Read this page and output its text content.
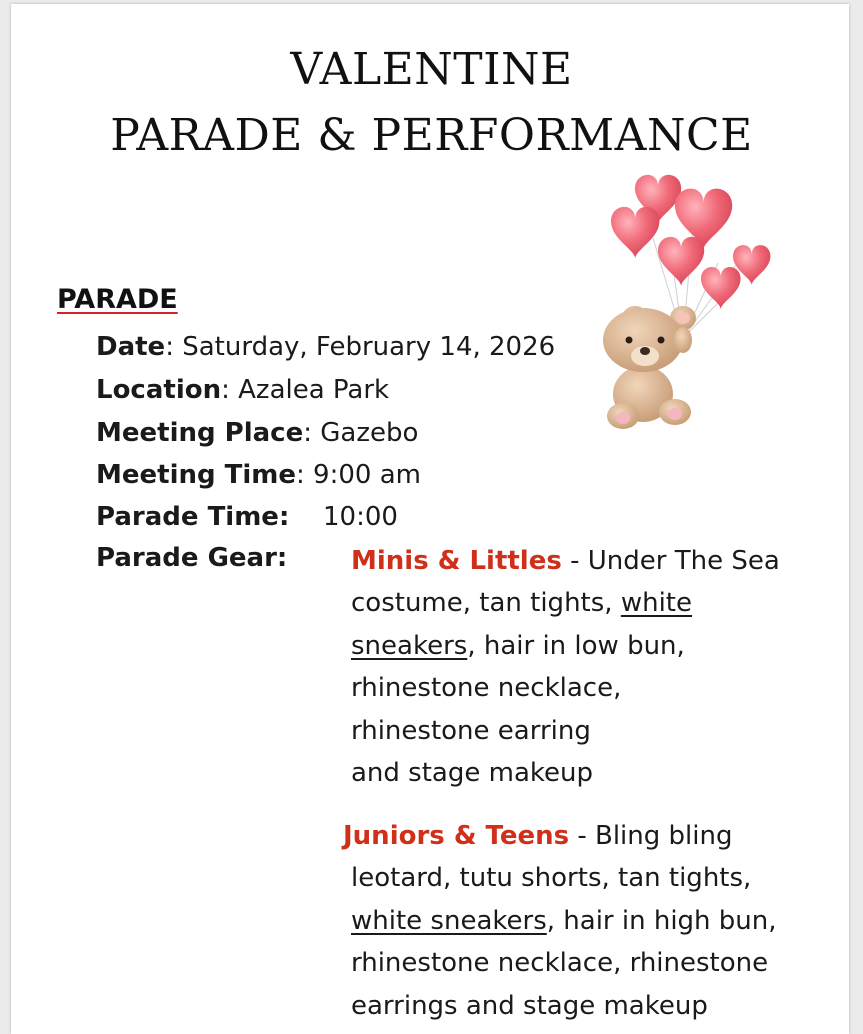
VALENTINE
PARADE & PERFORMANCE
PARADE
Date: Saturday, February 14, 2026
Location: Azalea Park
Meeting Place: Gazebo
Meeting Time: 9:00 am
Parade Time: 10:00
Parade Gear: Minis & Littles - Under The Sea
costume, tan tights, white
sneakers, hair in low bun,
rhinestone necklace,
rhinestone earring
and stage makeup
Juniors & Teens - Bling bling
leotard, tutu shorts, tan tights,
white sneakers, hair in high bun,
rhinestone necklace, rhinestone
earrings and stage makeup
